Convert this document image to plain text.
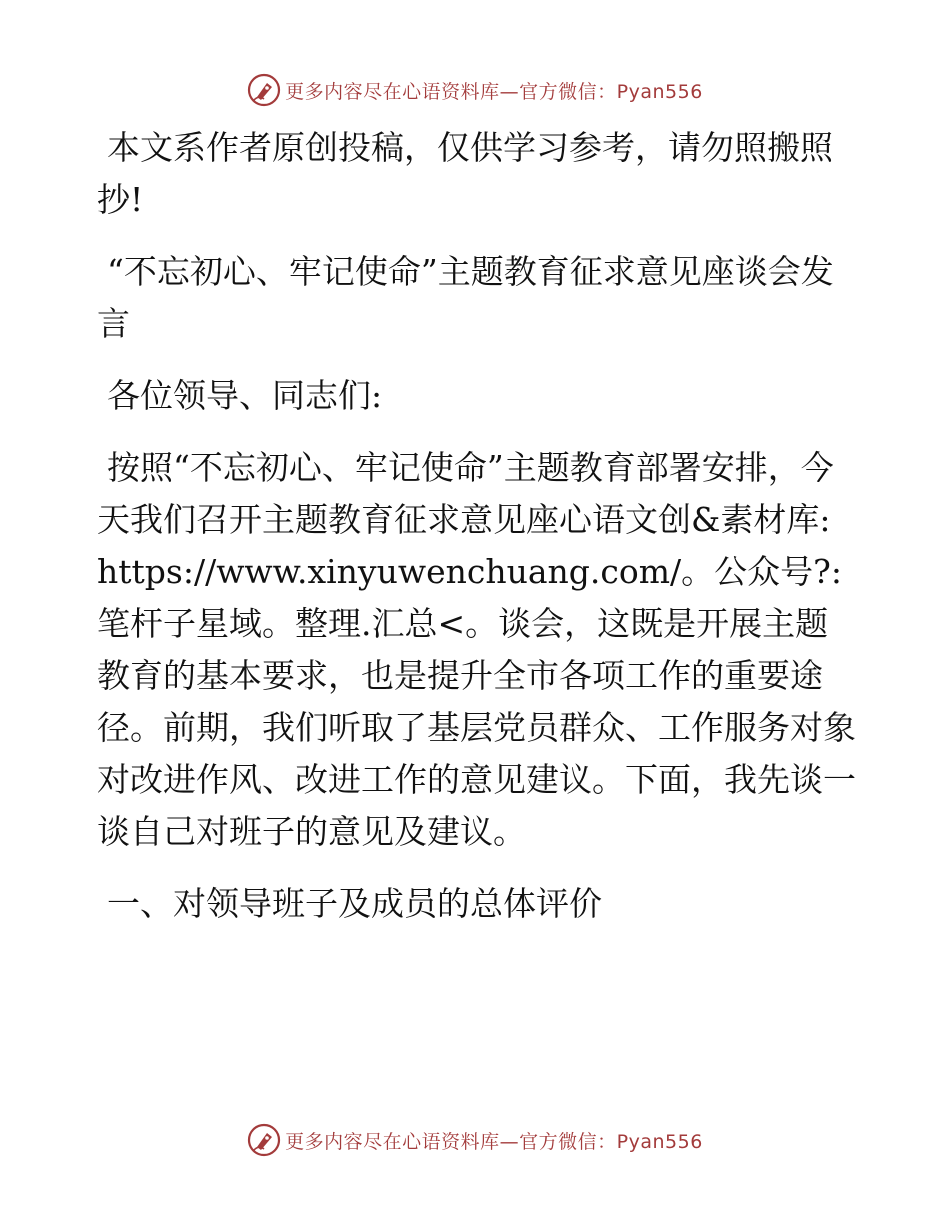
更多内容尽在心语资料库—官方微信：Pyan556

本文系作者原创投稿，仅供学习参考，请勿照搬照抄!

“不忘初心、牢记使命”主题教育征求意见座谈会发言

各位领导、同志们:

按照“不忘初心、牢记使命”主题教育部署安排，今天我们召开主题教育征求意见座心语文创&素材库: https://www.xinyuwenchuang.com/。公众号?: 笔杆子星域。整理.汇总<。谈会，这既是开展主题教育的基本要求，也是提升全市各项工作的重要途径。前期，我们听取了基层党员群众、工作服务对象对改进作风、改进工作的意见建议。下面，我先谈一谈自己对班子的意见及建议。

一、对领导班子及成员的总体评价

更多内容尽在心语资料库—官方微信：Pyan556
